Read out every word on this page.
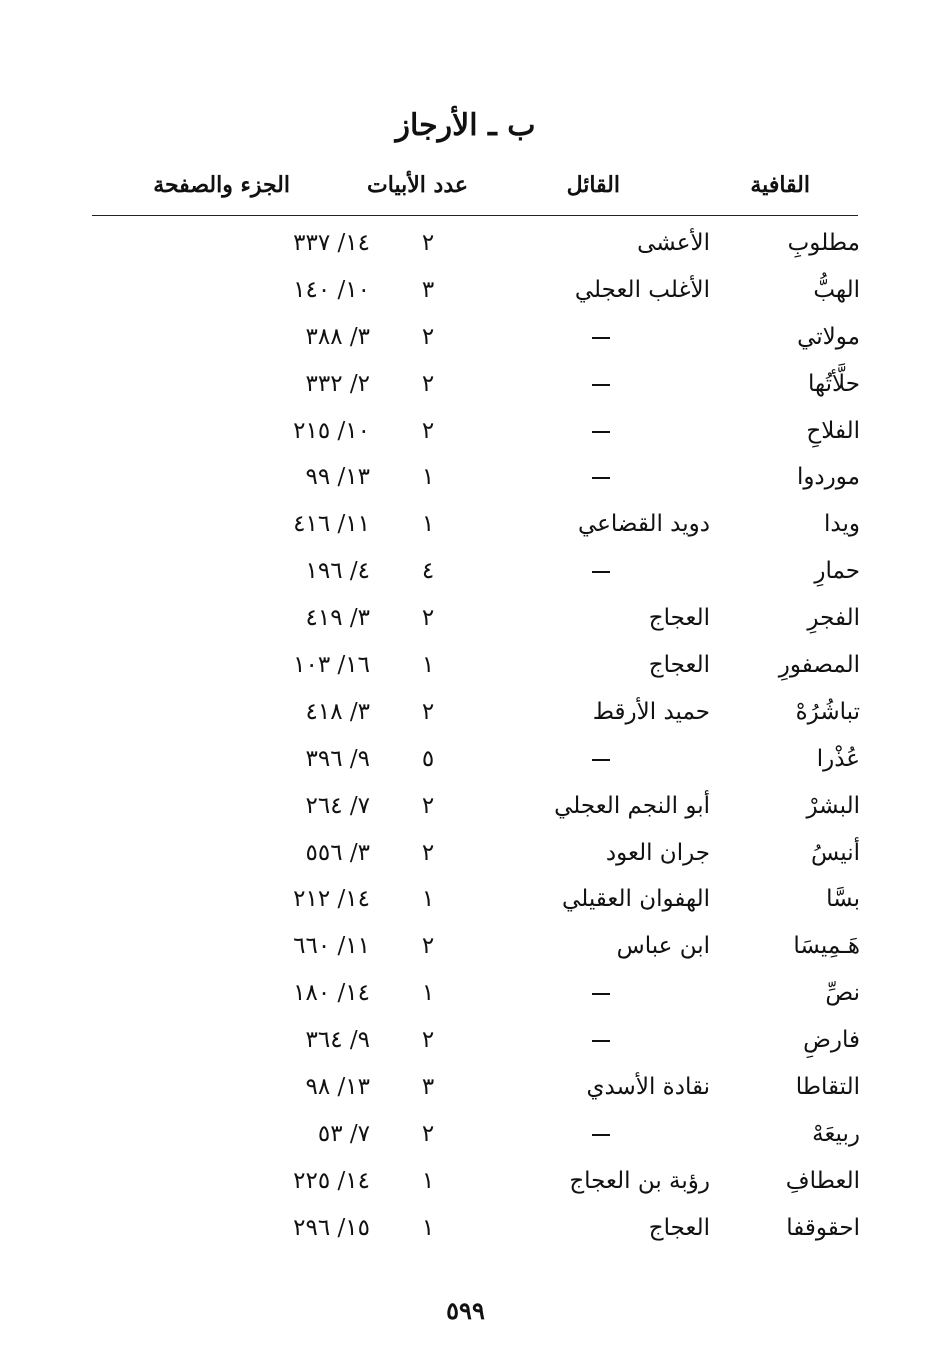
ب ـ الأرجاز
القافية
القائل
عدد الأبيات
الجزء والصفحة
مطلوبِ
الأعشى
٢
١٤/ ٣٣٧
الهبُّ
الأغلب العجلي
٣
١٠/ ١٤٠
مولاتي
٢
٣/ ٣٨٨
حلَّأتُها
٢
٢/ ٣٣٢
الفلاحِ
٢
١٠/ ٢١٥
موردوا
١
١٣/ ٩٩
ويدا
دويد القضاعي
١
١١/ ٤١٦
حمارِ
٤
٤/ ١٩٦
الفجرِ
العجاج
٢
٣/ ٤١٩
المصفورِ
العجاج
١
١٦/ ١٠٣
تباشُرُهْ
حميد الأرقط
٢
٣/ ٤١٨
عُذْرا
٥
٩/ ٣٩٦
البشرْ
أبو النجم العجلي
٢
٧/ ٢٦٤
أنيسُ
جران العود
٢
٣/ ٥٥٦
بسَّا
الهفوان العقيلي
١
١٤/ ٢١٢
هَـمِيسَا
ابن عباس
٢
١١/ ٦٦٠
نصِّ
١
١٤/ ١٨٠
فارضِ
٢
٩/ ٣٦٤
التقاطا
نقادة الأسدي
٣
١٣/ ٩٨
ربيعَهْ
٢
٧/ ٥٣
العطافِ
رؤبة بن العجاج
١
١٤/ ٢٢٥
احقوقفا
العجاج
١
١٥/ ٢٩٦
٥٩٩
